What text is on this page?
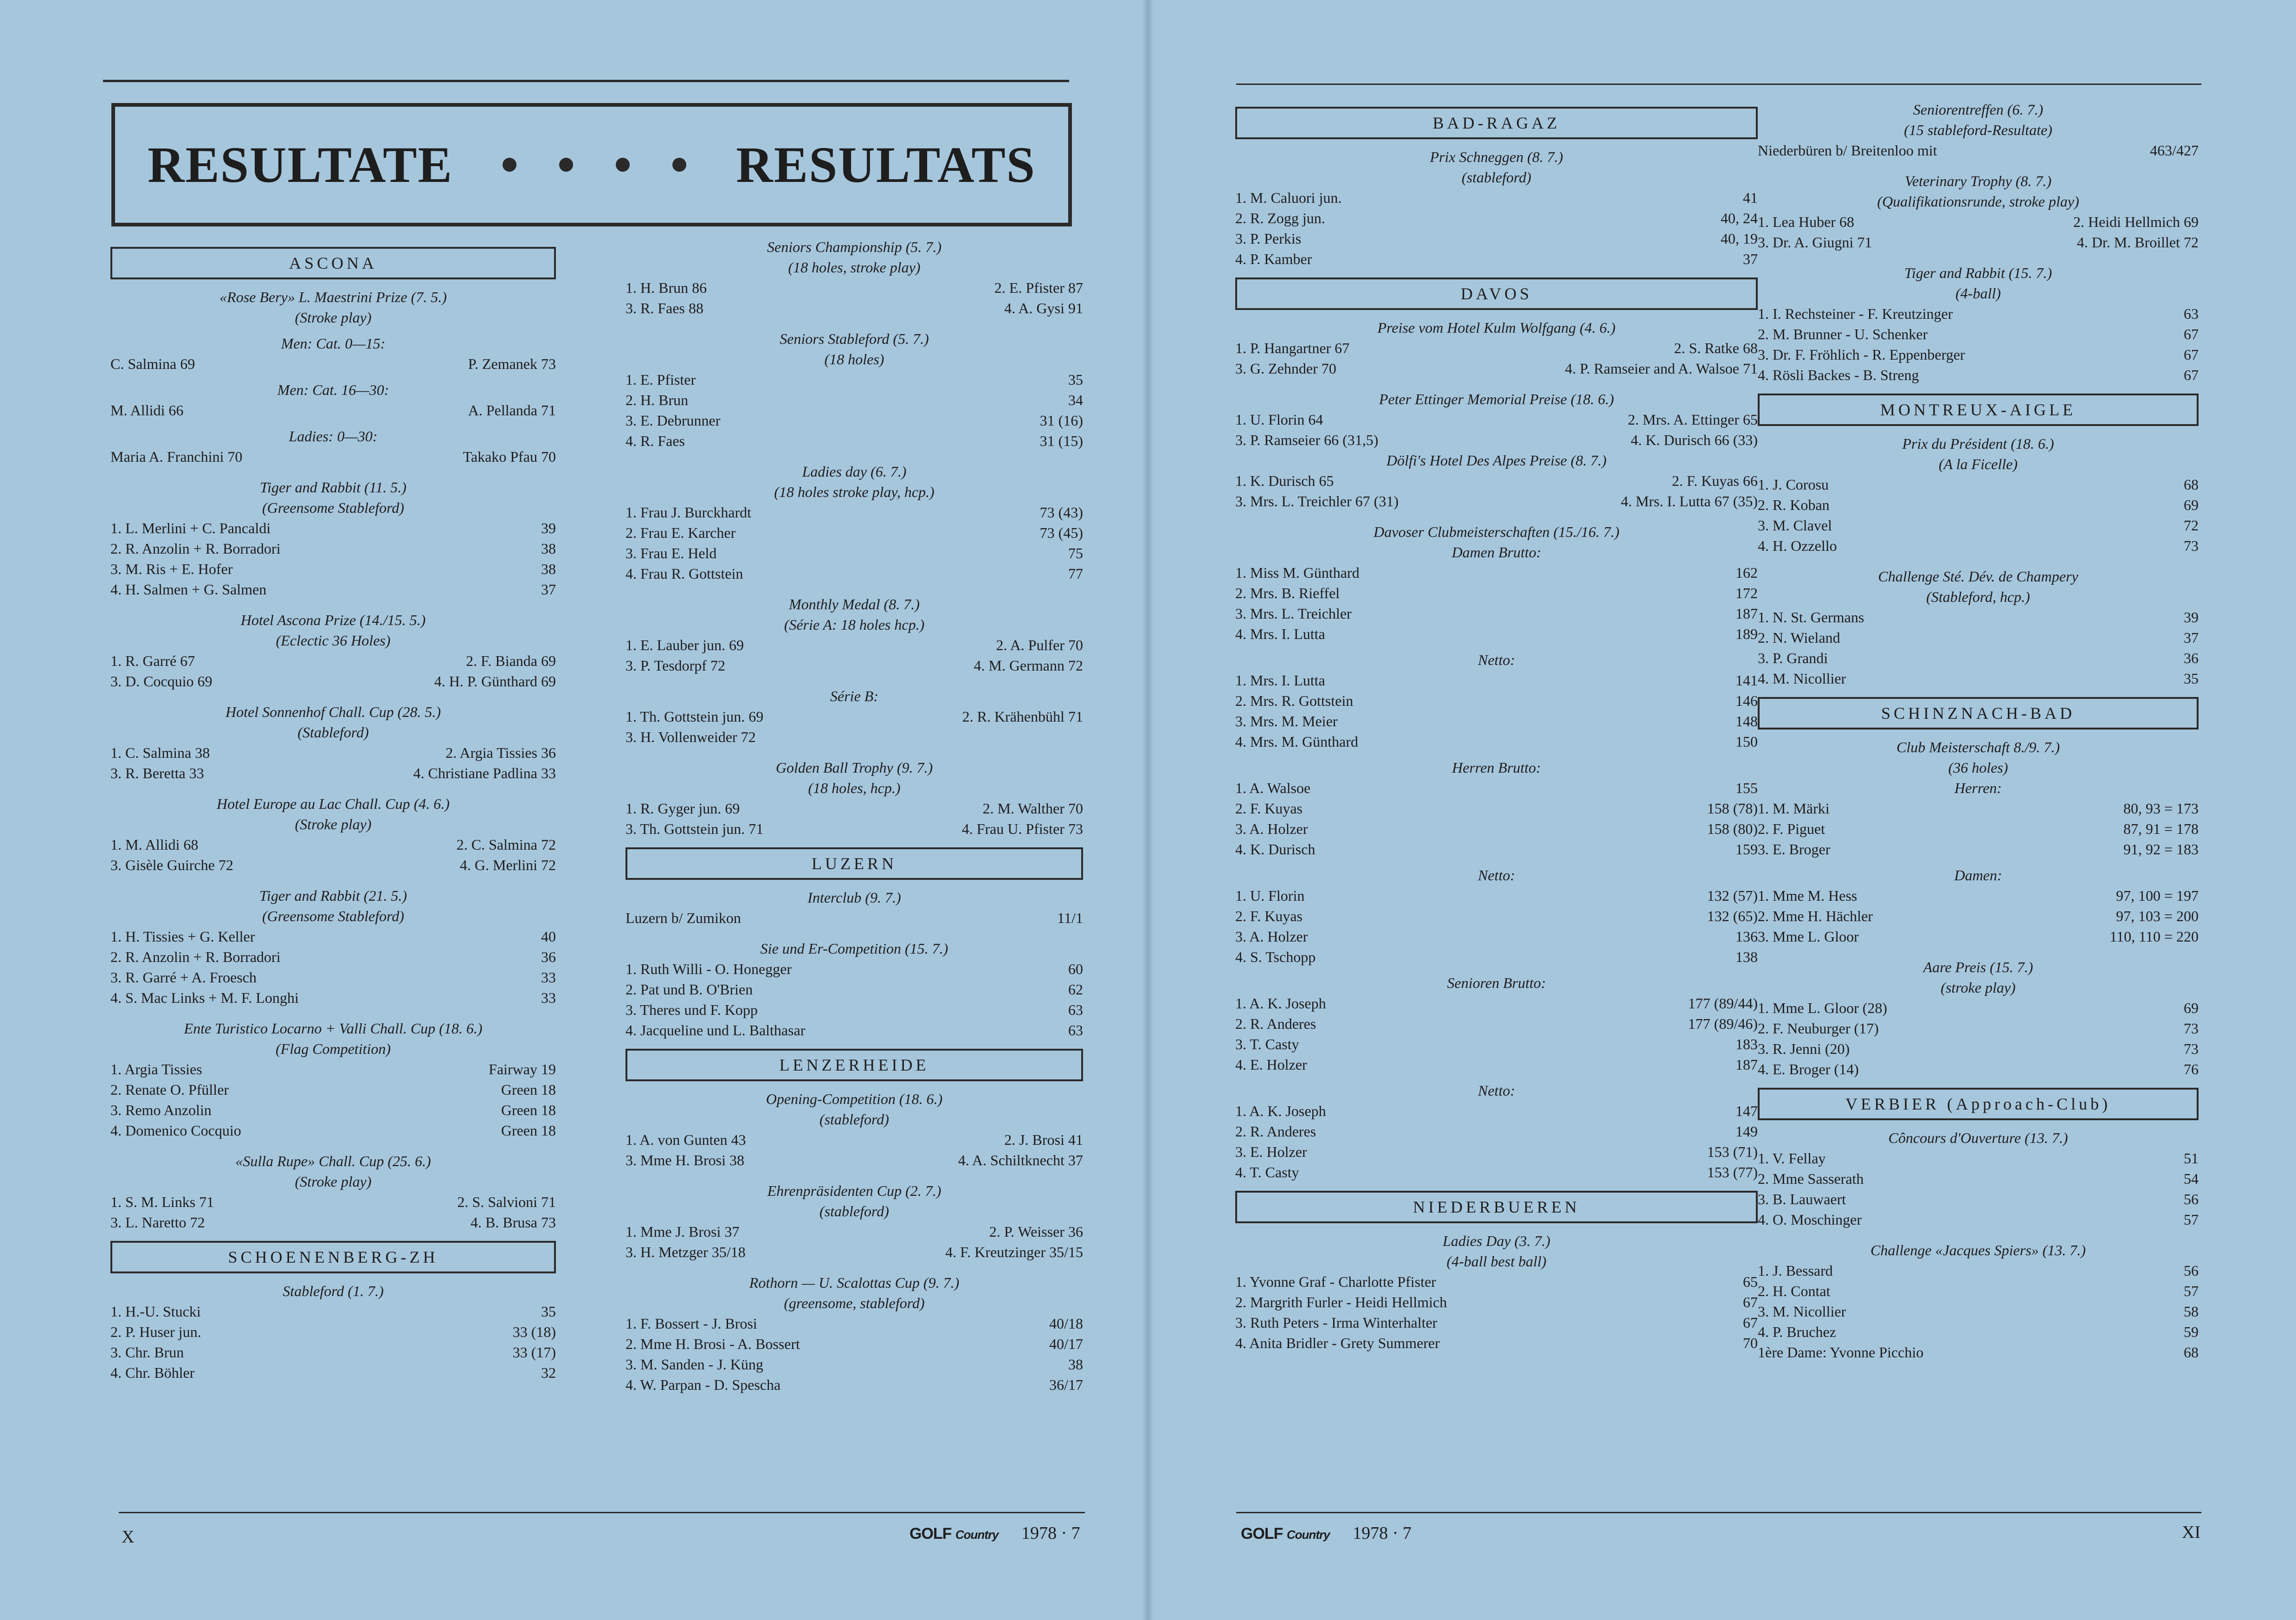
RESULTATE	RESULTATS
ASCONA
«Rose Bery» L. Maestrini Prize (7. 5.)
(Stroke play)
Men: Cat. 0—15:
C. Salmina 69	P. Zemanek 73
Men: Cat. 16—30:
M. Allidi 66	A. Pellanda 71
Ladies: 0—30:
Maria A. Franchini 70	Takako Pfau 70
Tiger and Rabbit (11. 5.)
(Greensome Stableford)
1. L. Merlini + C. Pancaldi	39
2. R. Anzolin + R. Borradori	38
3. M. Ris + E. Hofer	38
4. H. Salmen + G. Salmen	37
Hotel Ascona Prize (14./15. 5.)
(Eclectic 36 Holes)
1. R. Garré 67	2. F. Bianda 69
3. D. Cocquio 69	4. H. P. Günthard 69
Hotel Sonnenhof Chall. Cup (28. 5.)
(Stableford)
1. C. Salmina 38	2. Argia Tissies 36
3. R. Beretta 33	4. Christiane Padlina 33
Hotel Europe au Lac Chall. Cup (4. 6.)
(Stroke play)
1. M. Allidi 68	2. C. Salmina 72
3. Gisèle Guirche 72	4. G. Merlini 72
Tiger and Rabbit (21. 5.)
(Greensome Stableford)
1. H. Tissies + G. Keller	40
2. R. Anzolin + R. Borradori	36
3. R. Garré + A. Froesch	33
4. S. Mac Links + M. F. Longhi	33
Ente Turistico Locarno + Valli Chall. Cup (18. 6.)
(Flag Competition)
1. Argia Tissies	Fairway 19
2. Renate O. Pfüller	Green 18
3. Remo Anzolin	Green 18
4. Domenico Cocquio	Green 18
«Sulla Rupe» Chall. Cup (25. 6.)
(Stroke play)
1. S. M. Links 71	2. S. Salvioni 71
3. L. Naretto 72	4. B. Brusa 73
SCHOENENBERG-ZH
Stableford (1. 7.)
1. H.-U. Stucki	35
2. P. Huser jun.	33 (18)
3. Chr. Brun	33 (17)
4. Chr. Böhler	32
Seniors Championship (5. 7.)
(18 holes, stroke play)
1. H. Brun 86	2. E. Pfister 87
3. R. Faes 88	4. A. Gysi 91
Seniors Stableford (5. 7.)
(18 holes)
1. E. Pfister	35
2. H. Brun	34
3. E. Debrunner	31 (16)
4. R. Faes	31 (15)
Ladies day (6. 7.)
(18 holes stroke play, hcp.)
1. Frau J. Burckhardt	73 (43)
2. Frau E. Karcher	73 (45)
3. Frau E. Held	75
4. Frau R. Gottstein	77
Monthly Medal (8. 7.)
(Série A: 18 holes hcp.)
1. E. Lauber jun. 69	2. A. Pulfer 70
3. P. Tesdorpf 72	4. M. Germann 72
Série B:
1. Th. Gottstein jun. 69	2. R. Krähenbühl 71
3. H. Vollenweider 72
Golden Ball Trophy (9. 7.)
(18 holes, hcp.)
1. R. Gyger jun. 69	2. M. Walther 70
3. Th. Gottstein jun. 71	4. Frau U. Pfister 73
LUZERN
Interclub (9. 7.)
Luzern b/ Zumikon	11/1
Sie und Er-Competition (15. 7.)
1. Ruth Willi - O. Honegger	60
2. Pat und B. O'Brien	62
3. Theres und F. Kopp	63
4. Jacqueline und L. Balthasar	63
LENZERHEIDE
Opening-Competition (18. 6.)
(stableford)
1. A. von Gunten 43	2. J. Brosi 41
3. Mme H. Brosi 38	4. A. Schiltknecht 37
Ehrenpräsidenten Cup (2. 7.)
(stableford)
1. Mme J. Brosi 37	2. P. Weisser 36
3. H. Metzger 35/18	4. F. Kreutzinger 35/15
Rothorn — U. Scalottas Cup (9. 7.)
(greensome, stableford)
1. F. Bossert - J. Brosi	40/18
2. Mme H. Brosi - A. Bossert	40/17
3. M. Sanden - J. Küng	38
4. W. Parpan - D. Spescha	36/17
X	GOLF Country 1978 · 7
BAD-RAGAZ
Prix Schneggen (8. 7.)
(stableford)
1. M. Caluori jun.	41
2. R. Zogg jun.	40, 24
3. P. Perkis	40, 19
4. P. Kamber	37
DAVOS
Preise vom Hotel Kulm Wolfgang (4. 6.)
1. P. Hangartner 67	2. S. Ratke 68
3. G. Zehnder 70	4. P. Ramseier and A. Walsoe 71
Peter Ettinger Memorial Preise (18. 6.)
1. U. Florin 64	2. Mrs. A. Ettinger 65
3. P. Ramseier 66 (31,5)	4. K. Durisch 66 (33)
Dölfi's Hotel Des Alpes Preise (8. 7.)
1. K. Durisch 65	2. F. Kuyas 66
3. Mrs. L. Treichler 67 (31)	4. Mrs. I. Lutta 67 (35)
Davoser Clubmeisterschaften (15./16. 7.)
Damen Brutto:
1. Miss M. Günthard	162
2. Mrs. B. Rieffel	172
3. Mrs. L. Treichler	187
4. Mrs. I. Lutta	189
Netto:
1. Mrs. I. Lutta	141
2. Mrs. R. Gottstein	146
3. Mrs. M. Meier	148
4. Mrs. M. Günthard	150
Herren Brutto:
1. A. Walsoe	155
2. F. Kuyas	158 (78)
3. A. Holzer	158 (80)
4. K. Durisch	159
Netto:
1. U. Florin	132 (57)
2. F. Kuyas	132 (65)
3. A. Holzer	136
4. S. Tschopp	138
Senioren Brutto:
1. A. K. Joseph	177 (89/44)
2. R. Anderes	177 (89/46)
3. T. Casty	183
4. E. Holzer	187
Netto:
1. A. K. Joseph	147
2. R. Anderes	149
3. E. Holzer	153 (71)
4. T. Casty	153 (77)
NIEDERBUEREN
Ladies Day (3. 7.)
(4-ball best ball)
1. Yvonne Graf - Charlotte Pfister	65
2. Margrith Furler - Heidi Hellmich	67
3. Ruth Peters - Irma Winterhalter	67
4. Anita Bridler - Grety Summerer	70
Seniorentreffen (6. 7.)
(15 stableford-Resultate)
Niederbüren b/ Breitenloo mit	463/427
Veterinary Trophy (8. 7.)
(Qualifikationsrunde, stroke play)
1. Lea Huber 68	2. Heidi Hellmich 69
3. Dr. A. Giugni 71	4. Dr. M. Broillet 72
Tiger and Rabbit (15. 7.)
(4-ball)
1. I. Rechsteiner - F. Kreutzinger	63
2. M. Brunner - U. Schenker	67
3. Dr. F. Fröhlich - R. Eppenberger	67
4. Rösli Backes - B. Streng	67
MONTREUX-AIGLE
Prix du Président (18. 6.)
(A la Ficelle)
1. J. Corosu	68
2. R. Koban	69
3. M. Clavel	72
4. H. Ozzello	73
Challenge Sté. Dév. de Champery
(Stableford, hcp.)
1. N. St. Germans	39
2. N. Wieland	37
3. P. Grandi	36
4. M. Nicollier	35
SCHINZNACH-BAD
Club Meisterschaft 8./9. 7.)
(36 holes)
Herren:
1. M. Märki	80, 93 = 173
2. F. Piguet	87, 91 = 178
3. E. Broger	91, 92 = 183
Damen:
1. Mme M. Hess	97, 100 = 197
2. Mme H. Hächler	97, 103 = 200
3. Mme L. Gloor	110, 110 = 220
Aare Preis (15. 7.)
(stroke play)
1. Mme L. Gloor (28)	69
2. F. Neuburger (17)	73
3. R. Jenni (20)	73
4. E. Broger (14)	76
VERBIER (Approach-Club)
Côncours d'Ouverture (13. 7.)
1. V. Fellay	51
2. Mme Sasserath	54
3. B. Lauwaert	56
4. O. Moschinger	57
Challenge «Jacques Spiers» (13. 7.)
1. J. Bessard	56
2. H. Contat	57
3. M. Nicollier	58
4. P. Bruchez	59
1ère Dame: Yvonne Picchio	68
GOLF Country 1978 · 7	XI
